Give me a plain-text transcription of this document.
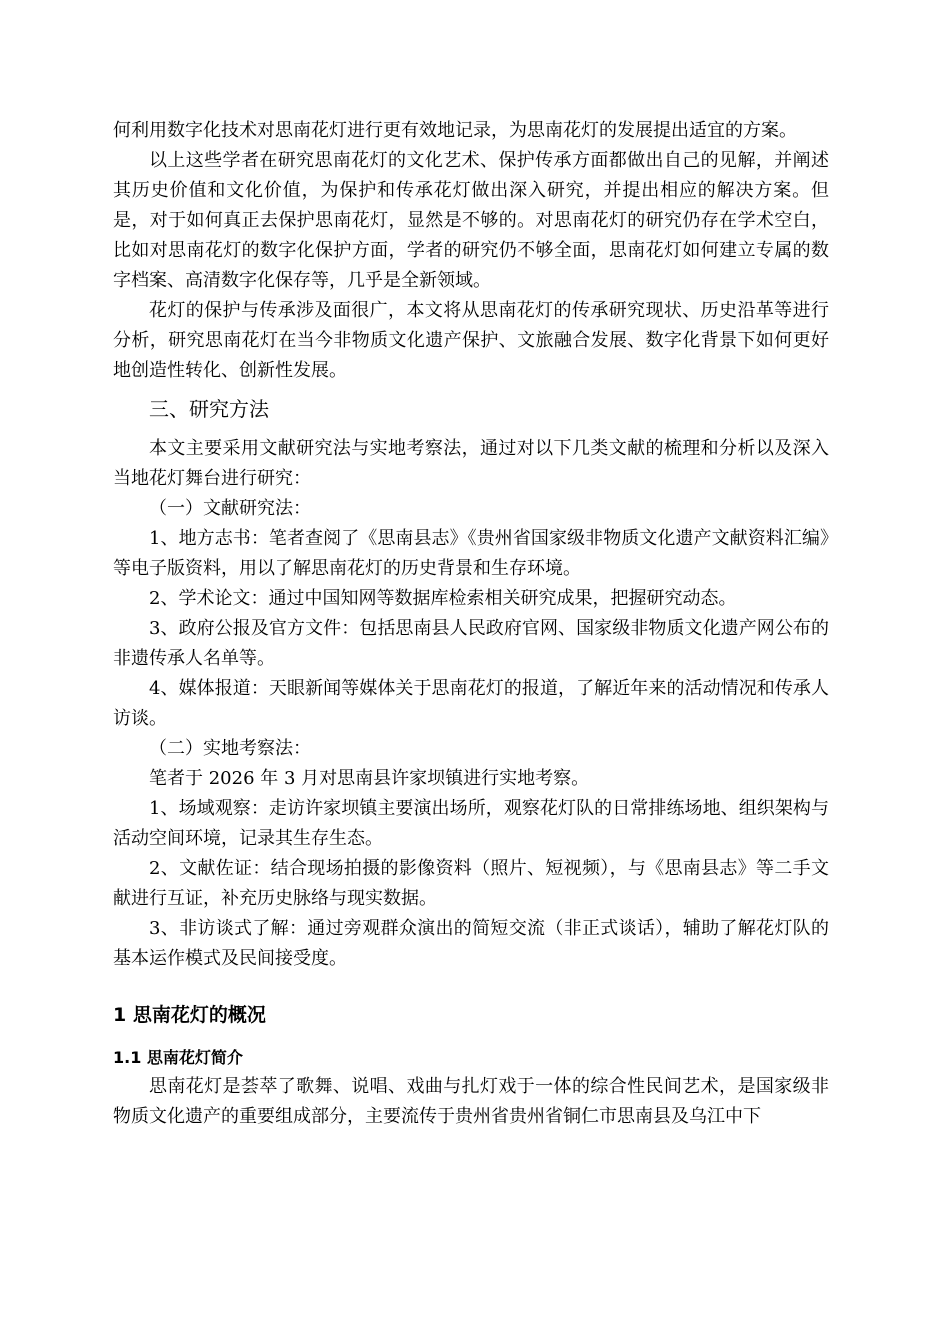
何利用数字化技术对思南花灯进行更有效地记录，为思南花灯的发展提出适宜的方案。

以上这些学者在研究思南花灯的文化艺术、保护传承方面都做出自己的见解，并阐述其历史价值和文化价值，为保护和传承花灯做出深入研究，并提出相应的解决方案。但是，对于如何真正去保护思南花灯，显然是不够的。对思南花灯的研究仍存在学术空白，比如对思南花灯的数字化保护方面，学者的研究仍不够全面，思南花灯如何建立专属的数字档案、高清数字化保存等，几乎是全新领域。

花灯的保护与传承涉及面很广，本文将从思南花灯的传承研究现状、历史沿革等进行分析，研究思南花灯在当今非物质文化遗产保护、文旅融合发展、数字化背景下如何更好地创造性转化、创新性发展。

三、研究方法

本文主要采用文献研究法与实地考察法，通过对以下几类文献的梳理和分析以及深入当地花灯舞台进行研究：

（一）文献研究法：

1、地方志书：笔者查阅了《思南县志》《贵州省国家级非物质文化遗产文献资料汇编》等电子版资料，用以了解思南花灯的历史背景和生存环境。

2、学术论文：通过中国知网等数据库检索相关研究成果，把握研究动态。

3、政府公报及官方文件：包括思南县人民政府官网、国家级非物质文化遗产网公布的非遗传承人名单等。

4、媒体报道：天眼新闻等媒体关于思南花灯的报道，了解近年来的活动情况和传承人访谈。

（二）实地考察法：

笔者于 2026 年 3 月对思南县许家坝镇进行实地考察。

1、场域观察：走访许家坝镇主要演出场所，观察花灯队的日常排练场地、组织架构与活动空间环境，记录其生存生态。

2、文献佐证：结合现场拍摄的影像资料（照片、短视频），与《思南县志》等二手文献进行互证，补充历史脉络与现实数据。

3、非访谈式了解：通过旁观群众演出的简短交流（非正式谈话），辅助了解花灯队的基本运作模式及民间接受度。

1 思南花灯的概况
1.1 思南花灯简介

思南花灯是荟萃了歌舞、说唱、戏曲与扎灯戏于一体的综合性民间艺术，是国家级非物质文化遗产的重要组成部分，主要流传于贵州省贵州省铜仁市思南县及乌江中下
